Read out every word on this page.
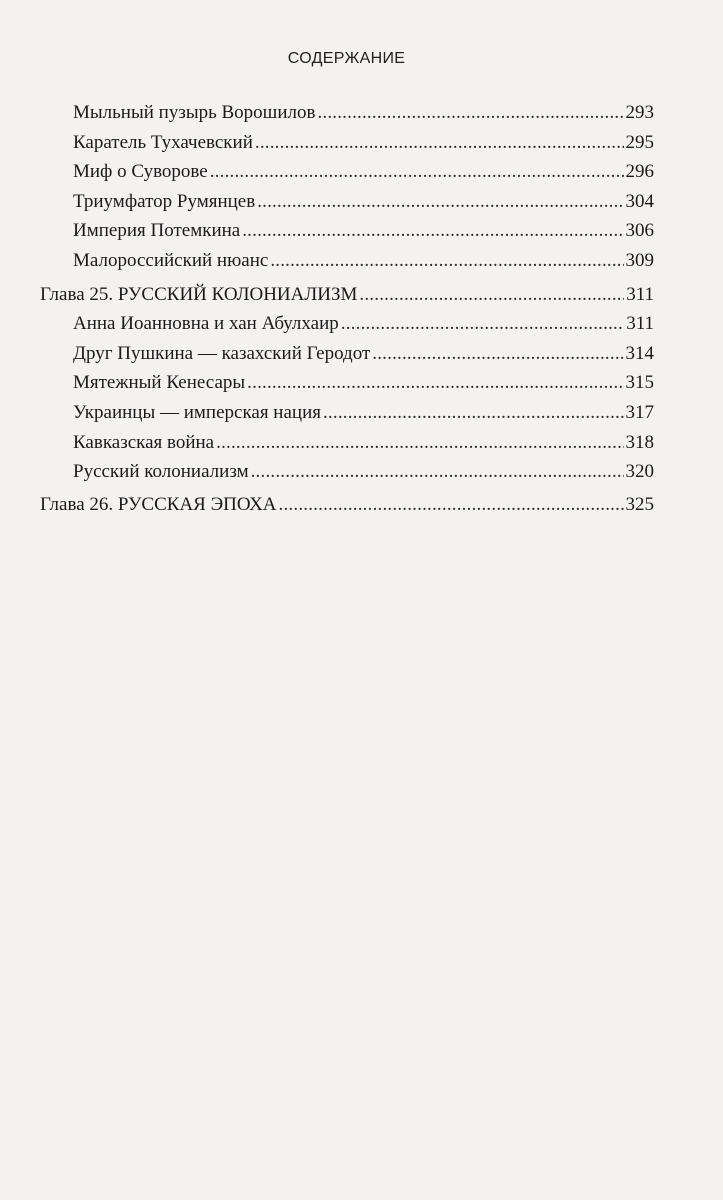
СОДЕРЖАНИЕ
Мыльный пузырь Ворошилов .....	293
Каратель Тухачевский .....	295
Миф о Суворове .....	296
Триумфатор Румянцев .....	304
Империя Потемкина .....	306
Малороссийский нюанс .....	309
Глава 25. РУССКИЙ КОЛОНИАЛИЗМ .....	311
Анна Иоанновна и хан Абулхаир .....	311
Друг Пушкина — казахский Геродот .....	314
Мятежный Кенесары .....	315
Украинцы — имперская нация .....	317
Кавказская война .....	318
Русский колониализм .....	320
Глава 26. РУССКАЯ ЭПОХА .....	325
